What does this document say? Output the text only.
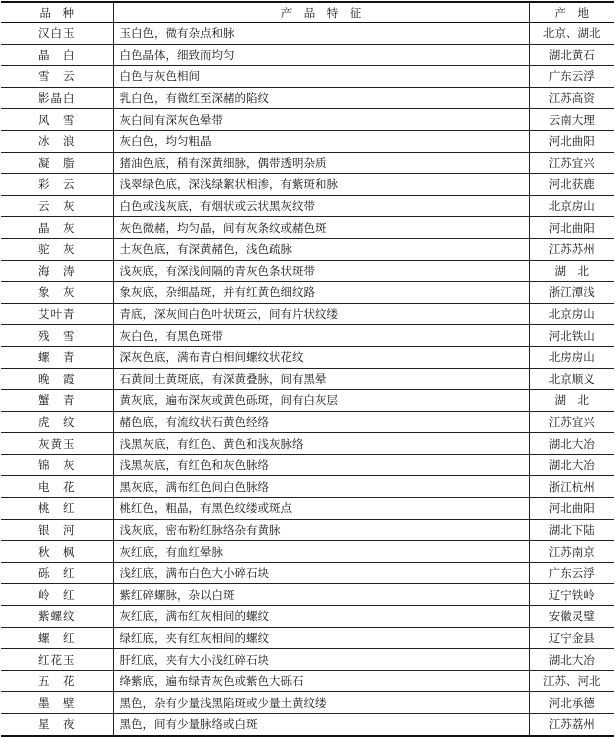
品　种	产　品　特　征	产　地
汉白玉	玉白色，微有杂点和脉	北京、湖北
晶　白	白色晶体，细致而均匀	湖北黄石
雪　云	白色与灰色相间	广东云浮
影晶白	乳白色，有微红至深赭的陷纹	江苏高资
风　雪	灰白间有深灰色晕带	云南大理
冰　浪	灰白色，均匀粗晶	河北曲阳
凝　脂	猪油色底，稍有深黄细脉，偶带透明杂质	江苏宜兴
彩　云	浅翠绿色底，深浅绿絮状相渗，有紫斑和脉	河北获鹿
云　灰	白色或浅灰底，有烟状或云状黑灰纹带	北京房山
晶　灰	灰色微赭，均匀晶，间有灰条纹或赭色斑	河北曲阳
驼　灰	土灰色底，有深黄赭色，浅色疏脉	江苏苏州
海　涛	浅灰底，有深浅间隔的青灰色条状斑带	湖　北
象　灰	象灰底，杂细晶斑，并有红黄色细纹路	浙江潭浅
艾叶青	青底，深灰间白色叶状斑云，间有片状纹缕	北京房山
残　雪	灰白色，有黑色斑带	河北铁山
螺　青	深灰色底，满布青白相间螺纹状花纹	北房房山
晚　霞	石黄间土黄斑底，有深黄叠脉，间有黑晕	北京顺义
蟹　青	黄灰底，遍布深灰或黄色砾斑，间有白灰层	湖　北
虎　纹	赭色底，有流纹状石黄色经络	江苏宜兴
灰黄玉	浅黑灰底，有红色、黄色和浅灰脉络	湖北大冶
锦　灰	浅黑灰底，有红色和灰色脉络	湖北大冶
电　花	黑灰底，满布红色间白色脉络	浙江杭州
桃　红	桃红色，粗晶，有黑色纹缕或斑点	河北曲阳
银　河	浅灰底，密布粉红脉络杂有黄脉	湖北下陆
秋　枫	灰红底，有血红晕脉	江苏南京
砾　红	浅红底，满布白色大小碎石块	广东云浮
岭　红	紫红碎螺脉，杂以白斑	辽宁铁岭
紫螺纹	灰红底，满布红灰相间的螺纹	安徽灵璧
螺　红	绿红底，夹有红灰相间的螺纹	辽宁金县
红花玉	肝红底，夹有大小浅红碎石块	湖北大冶
五　花	绛紫底，遍布绿青灰色或紫色大砾石	江苏、河北
墨　壁	黑色，杂有少量浅黑陷斑或少量土黄纹缕	河北承德
星　夜	黑色，间有少量脉络或白斑	江苏荔州
